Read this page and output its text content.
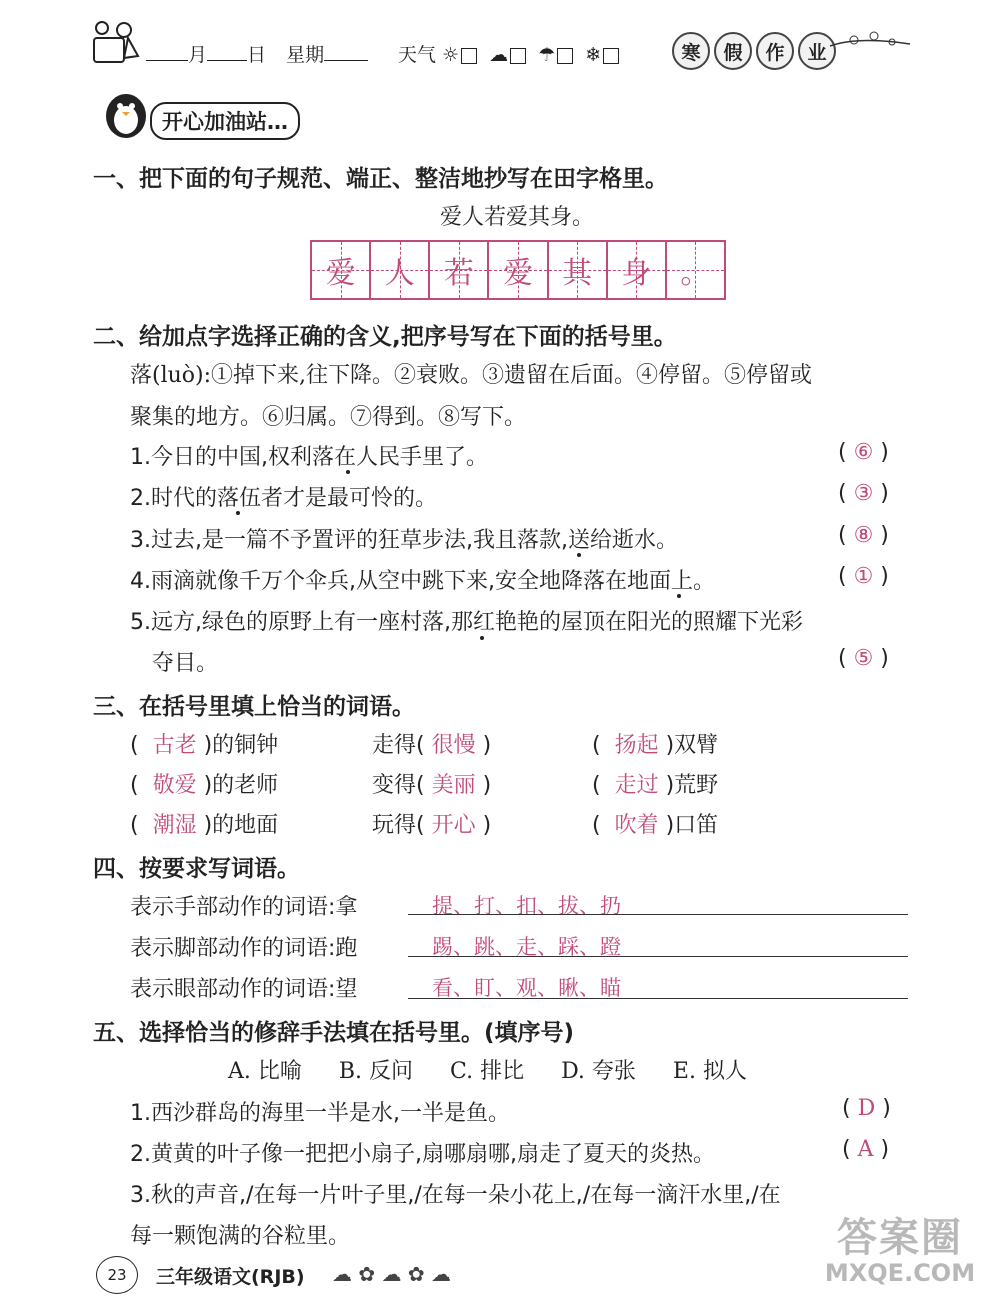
月 日 星期	天气 ☼ ☁ ☂ ❄	寒 假 作 业
开心加油站…
一、把下面的句子规范、端正、整洁地抄写在田字格里。
爱人若爱其身。
爱 人 若 爱 其 身 。
二、给加点字选择正确的含义,把序号写在下面的括号里。
落(luò):①掉下来,往下降。②衰败。③遗留在后面。④停留。⑤停留或
聚集的地方。⑥归属。⑦得到。⑧写下。
1.今日的中国,权利落在人民手里了。	( ⑥ )
2.时代的落伍者才是最可怜的。	( ③ )
3.过去,是一篇不予置评的狂草步法,我且落款,送给逝水。	( ⑧ )
4.雨滴就像千万个伞兵,从空中跳下来,安全地降落在地面上。	( ① )
5.远方,绿色的原野上有一座村落,那红艳艳的屋顶在阳光的照耀下光彩
夺目。	( ⑤ )
三、在括号里填上恰当的词语。
(  古老 )的铜钟	走得( 很慢 )	(  扬起 )双臂
(  敬爱 )的老师	变得( 美丽 )	(  走过 )荒野
(  潮湿 )的地面	玩得( 开心 )	(  吹着 )口笛
四、按要求写词语。
表示手部动作的词语:拿	提、打、扣、拔、扔
表示脚部动作的词语:跑	踢、跳、走、踩、蹬
表示眼部动作的词语:望	看、盯、观、瞅、瞄
五、选择恰当的修辞手法填在括号里。(填序号)
A. 比喻 B. 反问 C. 排比 D. 夸张 E. 拟人
1.西沙群岛的海里一半是水,一半是鱼。	( D )
2.黄黄的叶子像一把把小扇子,扇哪扇哪,扇走了夏天的炎热。	( A )
3.秋的声音,/在每一片叶子里,/在每一朵小花上,/在每一滴汗水里,/在
每一颗饱满的谷粒里。
23 三年级语文(RJB) ☁ ✿ ☁ ✿ ☁
答案圈
MXQE.COM
